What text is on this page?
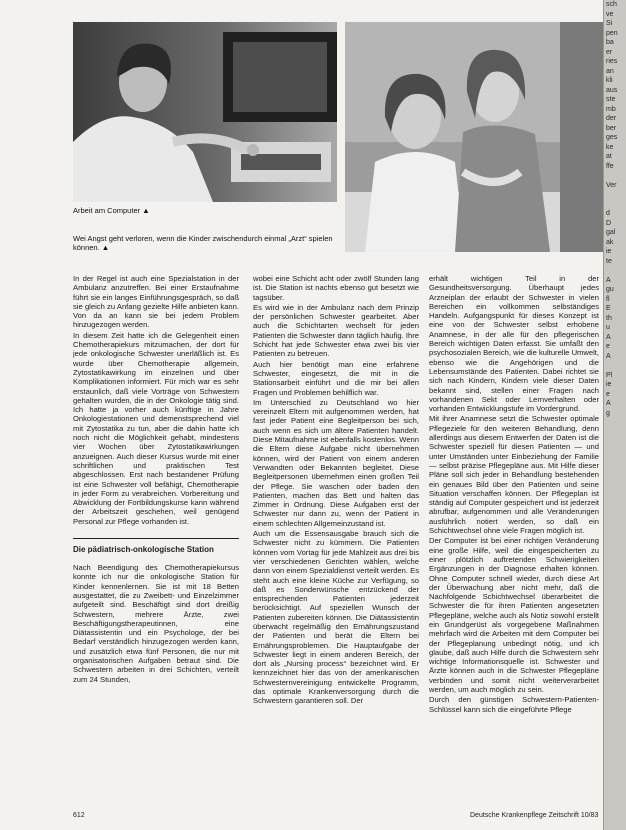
Arbeit am Computer ▲
Wei Angst geht verloren, wenn die Kinder zwischendurch einmal „Arzt“ spielen können. ▲

In der Regel ist auch eine Spezialstation in der Ambulanz anzutreffen. Bei einer Erstaufnahme führt sie ein langes Einführungsgespräch, so daß sie gleich zu Anfang gezielte Hilfe anbieten kann. Von da an kann sie bei jedem Problem hinzugezogen werden.

In diesem Zeit hatte ich die Gelegenheit einen Chemotherapiekurs mitzumachen, der dort für jede onkologische Schwester unerläßlich ist. Es wurde über Chemotherapie allgemein, Zytostatikawirkung im einzelnen und über Komplikationen informiert. Für mich war es sehr erstaunlich, daß viele Vorträge von Schwestern gehalten wurden, die in der Onkologie tätig sind. Ich hatte ja vorher auch künftige in Jahre Onkologiestationen und demenstsprechend viel mit Zytostatika zu tun, aber die dahin hatte ich noch nicht die Möglichkeit gehabt, mindestens vier Wochen über Zytostatikawirkungen anzueignen. Auch dieser Kursus wurde mit einer schriftlichen und praktischen Test abgeschlossen. Erst nach bestandener Prüfung ist eine Schwester voll befähigt, Chemotherapie in jeder Form zu verabreichen. Vorbereitung und Abwicklung der Fortbildungskurse kann während der Arbeitszeit geschehen, weil genügend Personal zur Pflege vorhanden ist.

Die pädiatrisch-onkologische Station

Nach Beendigung des Chemotherapiekursus konnte ich nur die onkologische Station für Kinder kennenlernen. Sie ist mit 18 Betten ausgestattet, die zu Zweibett- und Einzelzimmer aufgeteilt sind. Beschäftigt sind dort dreißig Schwestern, mehrere Ärzte, zwei Beschäftigungstherapeutinnen, eine Diätassistentin und ein Psychologe, der bei Bedarf verständlich hinzugezogen werden kann, und zusätzlich etwa fünf Personen, die nur mit organisatorischen Aufgaben betraut sind. Die Schwestern arbeiten in drei Schichten, verteilt zum 24 Stunden,

wobei eine Schicht acht oder zwölf Stunden lang ist. Die Station ist nachts ebenso gut besetzt wie tagsüber.

Es wird wie in der Ambulanz nach dem Prinzip der persönlichen Schwester gearbeitet. Aber auch die Schichtarten wechselt für jeden Patienten die Schwester dann täglich häufig. Ihre Schicht hat jede Schwester etwa zwei bis vier Patienten zu betreuen.

Auch hier benötigt man eine erfahrene Schwester, eingesetzt, die mit in die Stationsarbeit einführt und die mir bei allen Fragen und Problemen behilflich war.

Im Unterschied zu Deutschland wo hier vereinzelt Eltern mit aufgenommen werden, hat fast jeder Patient eine Begleitperson bei sich, auch wenn es sich um ältere Patienten handelt. Diese Mitaufnahme ist ebenfalls kostenlos. Wenn die Eltern diese Aufgabe nicht übernehmen können, wird der Patient von einem anderen Verwandten oder Bekannten begleitet. Diese Begleitpersonen übernehmen einen großen Teil der Pflege. Sie waschen oder baden den Patienten, machen das Bett und halten das Zimmer in Ordnung. Diese Aufgaben erst der Schwester nur dann zu, wenn der Patient in einem schlechten Allgemeinzustand ist.

Auch um die Essensausgabe brauch sich die Schwester nicht zu kümmern. Die Patienten können vom Vortag für jede Mahlzeit aus drei bis vier verschiedenen Gerichten wählen, welche dann von einem Spezialdienst verteilt werden. Es steht auch eine kleine Küche zur Verfügung, so daß es Sonderwünsche entzückend der entsprechenden Patienten jederzeit berücksichtigt. Auf speziellen Wunsch der Patienten zubereiten können. Die Diätassistentin überwacht regelmäßig den Ernährungszustand der Patienten und berät die Eltern bei Ernährungsproblemen. Die Hauptaufgabe der Schwester liegt in einem anderen Bereich, der dort als „Nursing process“ bezeichnet wird. Er kennzeichnet hier das von der amerikanischen Schwesternvereinigung entwickelte Programm, das optimale Krankenversorgung durch die Schwestern garantieren soll. Der

erhält wichtigen Teil in der Gesundheitsversorgung. Überhaupt jedes Arzneiplan der erlaubt der Schwester in vielen Bereichen ein vollkommen selbständiges Handeln. Aufgangspunkt für dieses Konzept ist eine von der Schwester selbst erhobene Anamnese, in der alle für den pflegerischen Bereich wichtigen Daten erfasst. Sie umfaßt den psychosozialen Bereich, wie die kulturelle Umwelt, ebenso wie die Angehörigen und die Lebensumstände des Patienten. Dabei richtet sie sich nach Kindern, Kindern viele dieser Daten bekannt sind, stellen einer Fragen nach vorhandenen Sekt oder Lernverhalten oder vorhanden Entwicklungstufe im Vordergrund.

Mit ihrer Anamnese setzt die Schwester optimale Pflegeziele für den weiteren Behandlung, denn allerdings aus diesem Entwerfen der Daten ist die Schwester speziell für diesen Patienten — und unter Umständen unter Einbeziehung der Familie — selbst präzise Pflegepläne aus. Mit Hilfe dieser Pläne soll sich jeder in Behandlung bestehenden ein genaues Bild über den Patienten und seine Situation verschaffen können. Der Pflegeplan ist ständig auf Computer gespeichert und ist jederzeit abrufbar, aufgenommen und alle Veränderungen ausführlich notiert werden, so daß ein Schichtwechsel ohne viele Fragen möglich ist.

Der Computer ist bei einer richtigen Veränderung eine große Hilfe, weil die eingespeicherten zu einer plötzlich auftretenden Schwierigkeiten Ergänzungen in der Diagnose erhalten können. Ohne Computer schnell wieder, durch diese Art der Überwachung aber nicht mehr, daß die Nachfolgende Schichtwechsel überarbeitet die Schwester die für ihren Patienten angesetzten Pflegepläne, welche auch als Notiz sowohl erstellt ein Grundgerüst als vorgegebene Maßnahmen mehrfach wird die Arbeiten mit dem Computer bei der Pflegeplanung unbedingt nötig, und ich glaube, daß auch Hilfe durch die Schwestern sehr wichtige Informationsquelle ist. Schwester und Ärzte können auch in die Schwester Pflegepläne verbinden und somit nicht weiterverarbeitet werden, um auch möglich zu sein.

Durch den günstigen Schwestern-Patienten-Schlüssel kann sich die eingeführte Pflege

612	Deutsche Krankenpflege Zeitschrift 10/83
sch
ve
Si
pen
ba
er
ries
an
kli
aus
ste
mb
der
ber
ges
ke
at
ffe

Ver

d
D
gal
ak
ie
te

A
gu
fl
E
th
u
A
e
A

Pl
ie
e
A
g
